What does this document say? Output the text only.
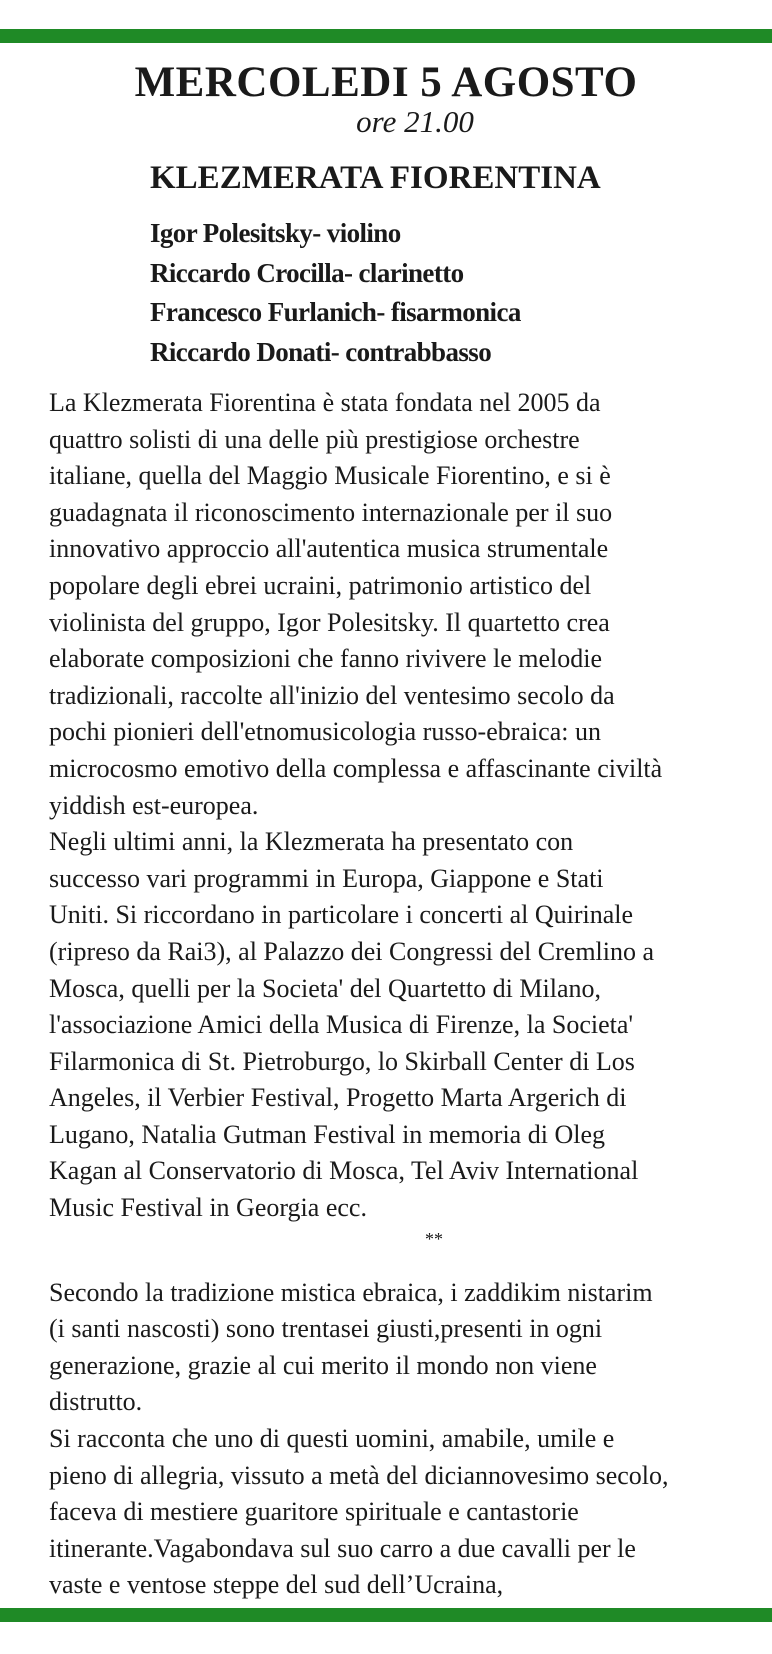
MERCOLEDI 5 AGOSTO
ore 21.00
KLEZMERATA FIORENTINA
Igor Polesitsky- violino
Riccardo Crocilla- clarinetto
Francesco Furlanich- fisarmonica
Riccardo Donati- contrabbasso

La Klezmerata Fiorentina è stata fondata nel 2005 da
quattro solisti di una delle più prestigiose orchestre
italiane, quella del Maggio Musicale Fiorentino, e si è
guadagnata il riconoscimento internazionale per il suo
innovativo approccio all'autentica musica strumentale
popolare degli ebrei ucraini, patrimonio artistico del
violinista del gruppo, Igor Polesitsky. Il quartetto crea
elaborate composizioni che fanno rivivere le melodie
tradizionali, raccolte all'inizio del ventesimo secolo da
pochi pionieri dell'etnomusicologia russo-ebraica: un
microcosmo emotivo della complessa e affascinante civiltà
yiddish est-europea.

Negli ultimi anni, la Klezmerata ha presentato con
successo vari programmi in Europa, Giappone e Stati
Uniti. Si riccordano in particolare i concerti al Quirinale
(ripreso da Rai3), al Palazzo dei Congressi del Cremlino a
Mosca, quelli per la Societa' del Quartetto di Milano,
l'associazione Amici della Musica di Firenze, la Societa'
Filarmonica di St. Pietroburgo, lo Skirball Center di Los
Angeles, il Verbier Festival, Progetto Marta Argerich di
Lugano, Natalia Gutman Festival in memoria di Oleg
Kagan al Conservatorio di Mosca, Tel Aviv International
Music Festival in Georgia ecc.

**

Secondo la tradizione mistica ebraica, i zaddikim nistarim
(i santi nascosti) sono trentasei giusti,presenti in ogni
generazione, grazie al cui merito il mondo non viene
distrutto.

Si racconta che uno di questi uomini, amabile, umile e
pieno di allegria, vissuto a metà del diciannovesimo secolo,
faceva di mestiere guaritore spirituale e cantastorie
itinerante.Vagabondava sul suo carro a due cavalli per le
vaste e ventose steppe del sud dell’Ucraina,
